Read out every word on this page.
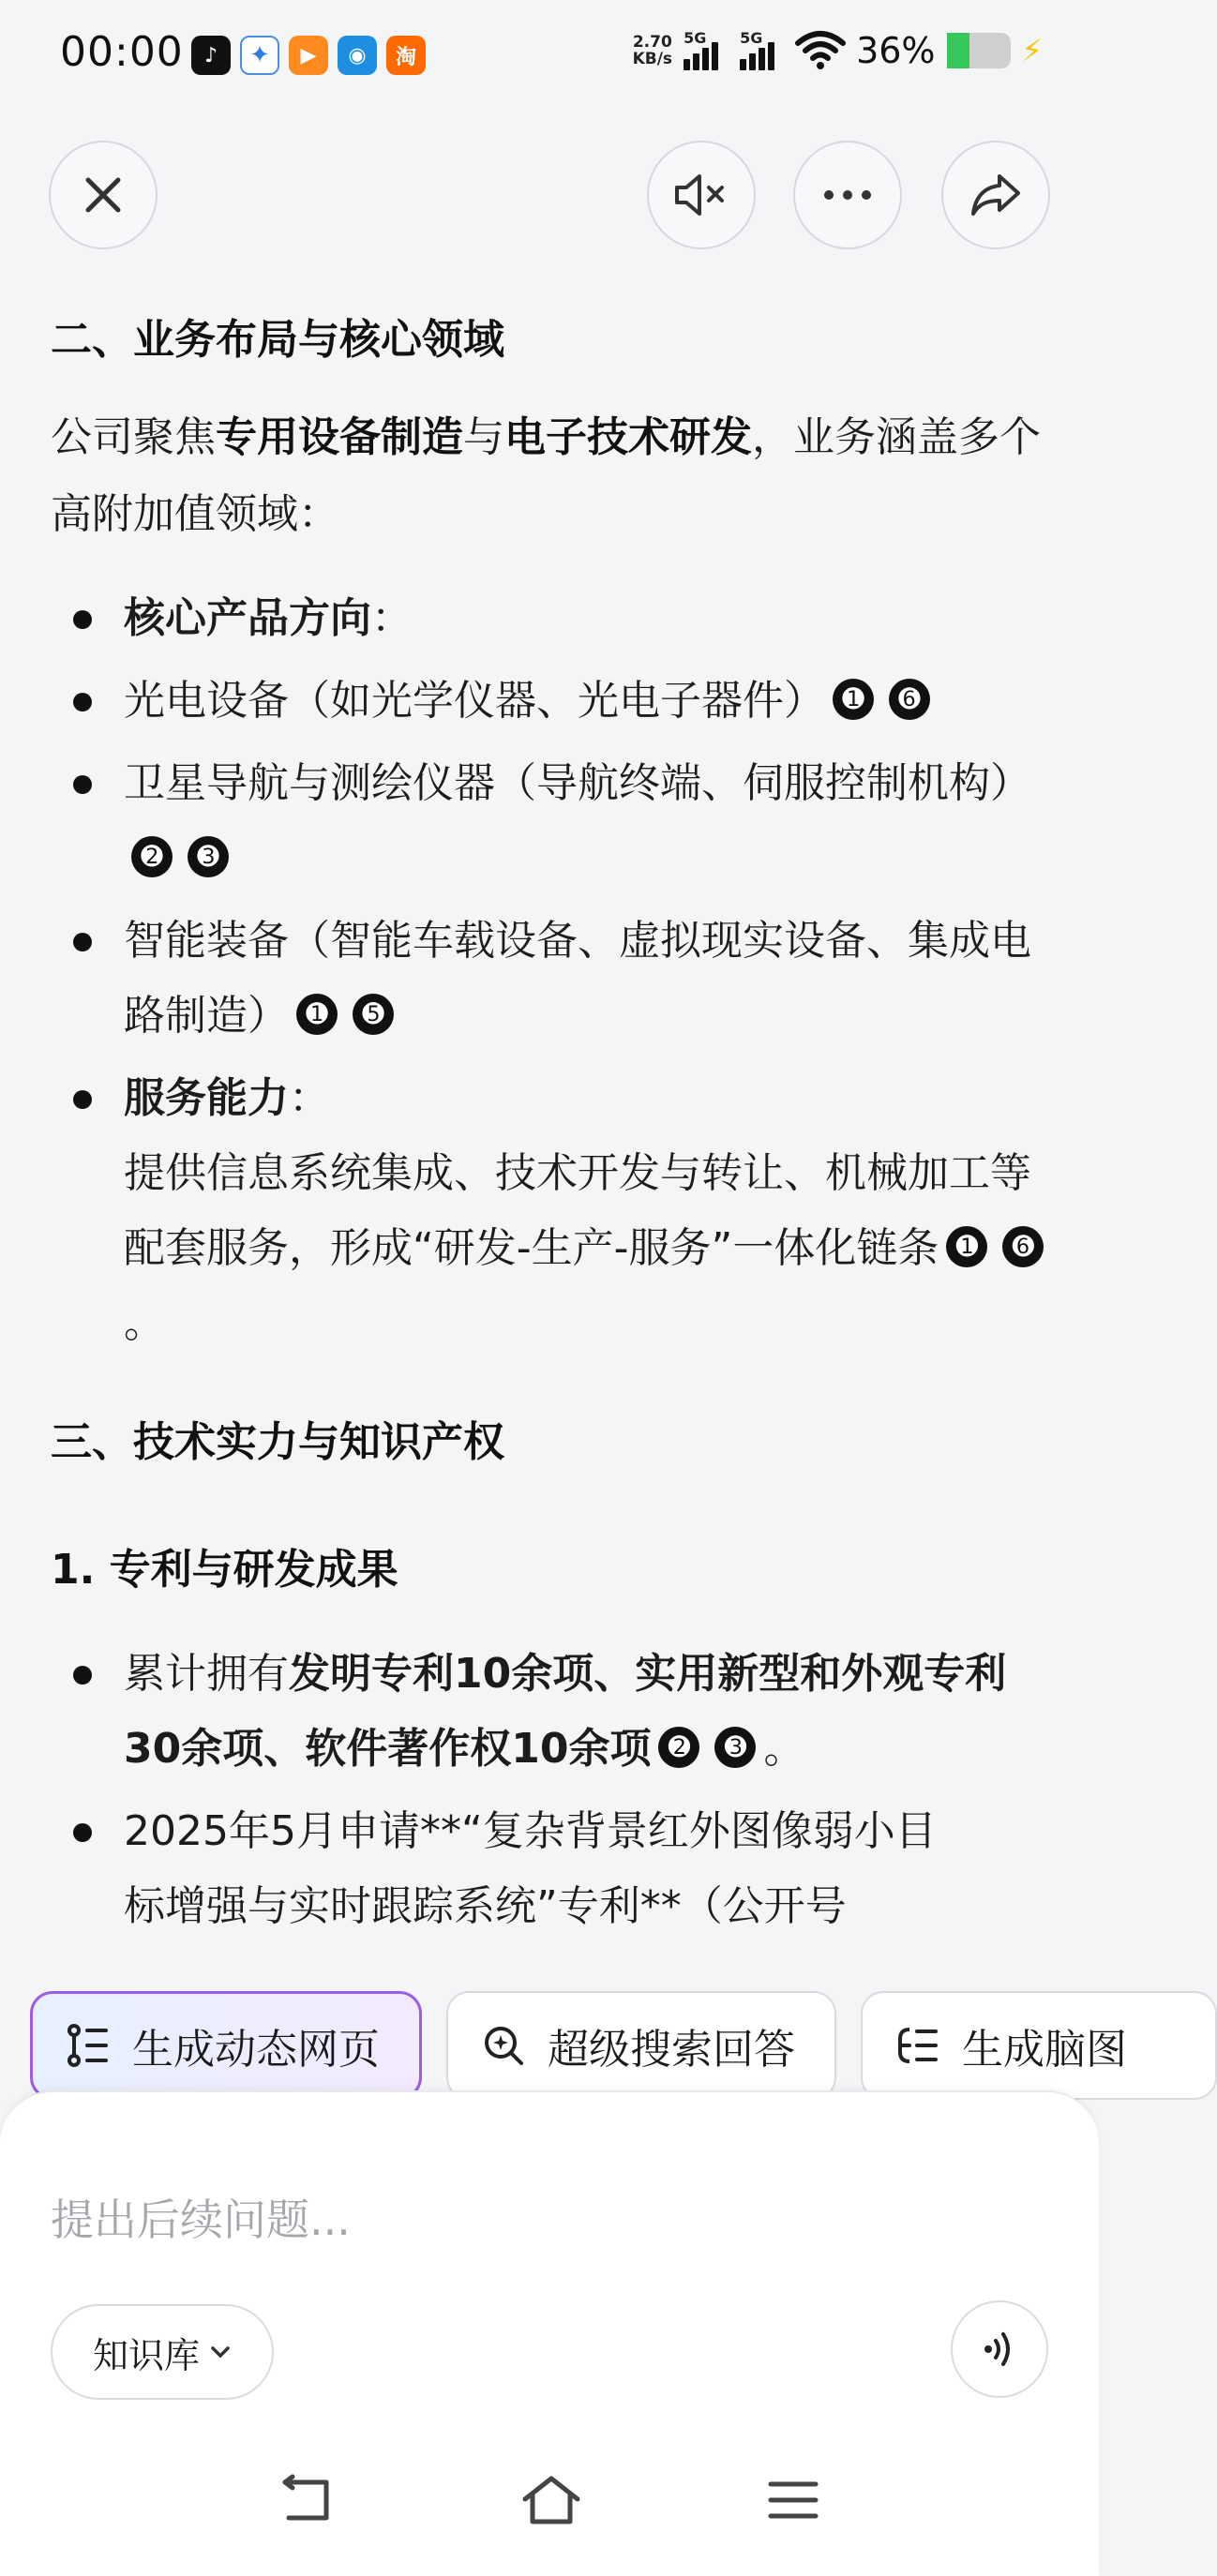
00:00	♪	✦	▶	◉	淘
2.70
KB/s
5G 5G	36%	⚡
二、业务布局与核心领域
公司聚焦专用设备制造与电子技术研发，业务涵盖多个高附加值领域：
核心产品方向：
光电设备（如光学仪器、光电子器件） ➊ ➏
卫星导航与测绘仪器（导航终端、伺服控制机构）➋ ➌
智能装备（智能车载设备、虚拟现实设备、集成电路制造） ➊ ➎
服务能力：
提供信息系统集成、技术开发与转让、机械加工等配套服务，形成“研发-生产-服务”一体化链条 ➊ ➏。
三、技术实力与知识产权
1. 专利与研发成果
累计拥有发明专利10余项、实用新型和外观专利30余项、软件著作权10余项 ➋ ➌ 。
2025年5月申请**“复杂背景红外图像弱小目标增强与实时跟踪系统”专利**（公开号
生成动态网页	超级搜索回答	生成脑图
提出后续问题...
知识库
